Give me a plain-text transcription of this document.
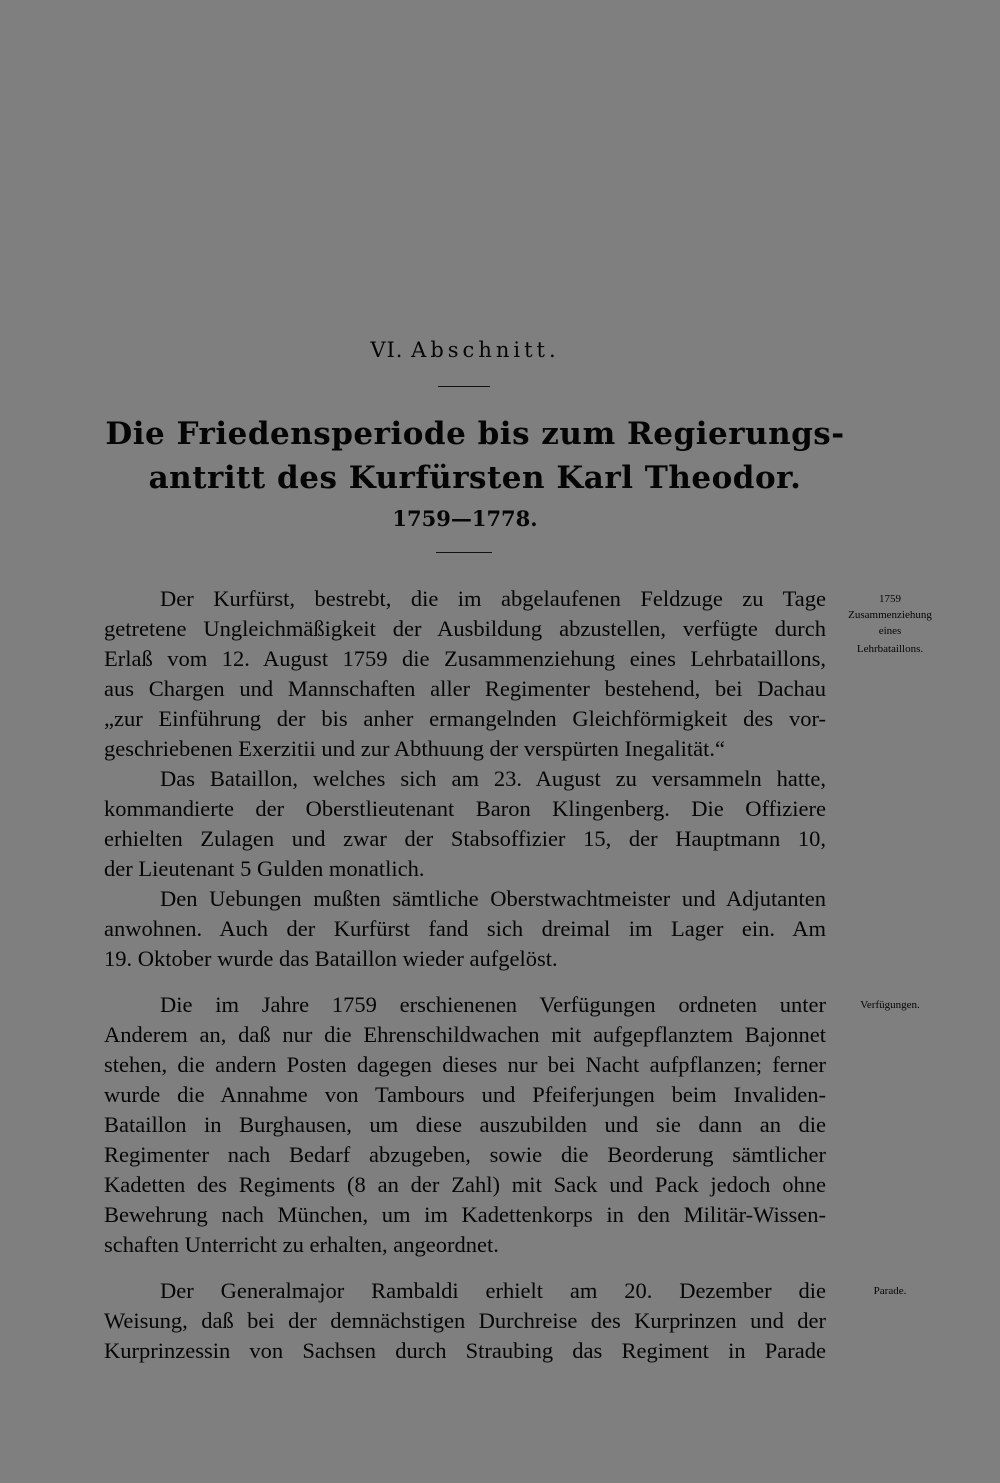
VI. Abschnitt.
Die Friedensperiode bis zum Regierungs-
antritt des Kurfürsten Karl Theodor.
1759—1778.
Der Kurfürst, bestrebt, die im abgelaufenen Feldzuge zu Tage
getretene Ungleichmäßigkeit der Ausbildung abzustellen, verfügte durch
Erlaß vom 12. August 1759 die Zusammenziehung eines Lehrbataillons,
aus Chargen und Mannschaften aller Regimenter bestehend, bei Dachau
„zur Einführung der bis anher ermangelnden Gleichförmigkeit des vor-
geschriebenen Exerzitii und zur Abthuung der verspürten Inegalität.“
Das Bataillon, welches sich am 23. August zu versammeln hatte,
kommandierte der Oberstlieutenant Baron Klingenberg. Die Offiziere
erhielten Zulagen und zwar der Stabsoffizier 15, der Hauptmann 10,
der Lieutenant 5 Gulden monatlich.
Den Uebungen mußten sämtliche Oberstwachtmeister und Adjutanten
anwohnen. Auch der Kurfürst fand sich dreimal im Lager ein. Am
19. Oktober wurde das Bataillon wieder aufgelöst.
Die im Jahre 1759 erschienenen Verfügungen ordneten unter
Anderem an, daß nur die Ehrenschildwachen mit aufgepflanztem Bajonnet
stehen, die andern Posten dagegen dieses nur bei Nacht aufpflanzen; ferner
wurde die Annahme von Tambours und Pfeiferjungen beim Invaliden-
Bataillon in Burghausen, um diese auszubilden und sie dann an die
Regimenter nach Bedarf abzugeben, sowie die Beorderung sämtlicher
Kadetten des Regiments (8 an der Zahl) mit Sack und Pack jedoch ohne
Bewehrung nach München, um im Kadettenkorps in den Militär-Wissen-
schaften Unterricht zu erhalten, angeordnet.
Der Generalmajor Rambaldi erhielt am 20. Dezember die
Weisung, daß bei der demnächstigen Durchreise des Kurprinzen und der
Kurprinzessin von Sachsen durch Straubing das Regiment in Parade
1759
Zusammenziehung
eines
Lehrbataillons.
Verfügungen.
Parade.
